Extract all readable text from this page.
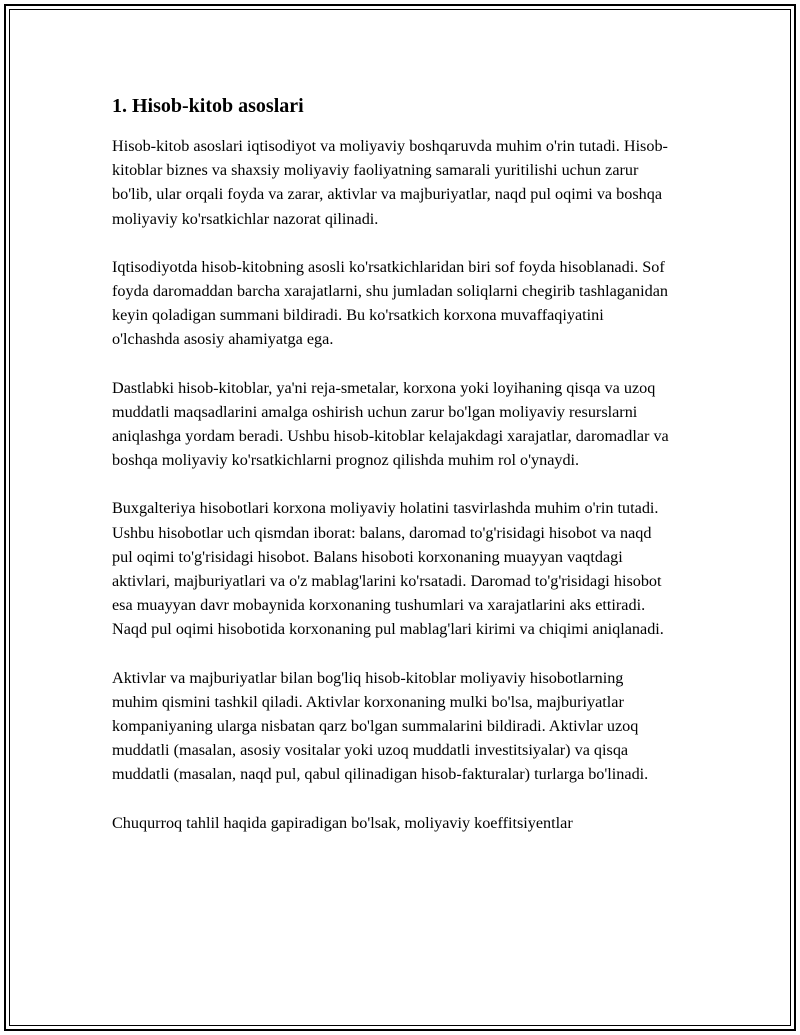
1. Hisob-kitob asoslari

Hisob-kitob asoslari iqtisodiyot va moliyaviy boshqaruvda muhim o'rin tutadi. Hisob-kitoblar biznes va shaxsiy moliyaviy faoliyatning samarali yuritilishi uchun zarur bo'lib, ular orqali foyda va zarar, aktivlar va majburiyatlar, naqd pul oqimi va boshqa moliyaviy ko'rsatkichlar nazorat qilinadi.

Iqtisodiyotda hisob-kitobning asosli ko'rsatkichlaridan biri sof foyda hisoblanadi. Sof foyda daromaddan barcha xarajatlarni, shu jumladan soliqlarni chegirib tashlaganidan keyin qoladigan summani bildiradi. Bu ko'rsatkich korxona muvaffaqiyatini o'lchashda asosiy ahamiyatga ega.

Dastlabki hisob-kitoblar, ya'ni reja-smetalar, korxona yoki loyihaning qisqa va uzoq muddatli maqsadlarini amalga oshirish uchun zarur bo'lgan moliyaviy resurslarni aniqlashga yordam beradi. Ushbu hisob-kitoblar kelajakdagi xarajatlar, daromadlar va boshqa moliyaviy ko'rsatkichlarni prognoz qilishda muhim rol o'ynaydi.

Buxgalteriya hisobotlari korxona moliyaviy holatini tasvirlashda muhim o'rin tutadi. Ushbu hisobotlar uch qismdan iborat: balans, daromad to'g'risidagi hisobot va naqd pul oqimi to'g'risidagi hisobot. Balans hisoboti korxonaning muayyan vaqtdagi aktivlari, majburiyatlari va o'z mablag'larini ko'rsatadi. Daromad to'g'risidagi hisobot esa muayyan davr mobaynida korxonaning tushumlari va xarajatlarini aks ettiradi. Naqd pul oqimi hisobotida korxonaning pul mablag'lari kirimi va chiqimi aniqlanadi.

Aktivlar va majburiyatlar bilan bog'liq hisob-kitoblar moliyaviy hisobotlarning muhim qismini tashkil qiladi. Aktivlar korxonaning mulki bo'lsa, majburiyatlar kompaniyaning ularga nisbatan qarz bo'lgan summalarini bildiradi. Aktivlar uzoq muddatli (masalan, asosiy vositalar yoki uzoq muddatli investitsiyalar) va qisqa muddatli (masalan, naqd pul, qabul qilinadigan hisob-fakturalar) turlarga bo'linadi.

Chuqurroq tahlil haqida gapiradigan bo'lsak, moliyaviy koeffitsiyentlar
